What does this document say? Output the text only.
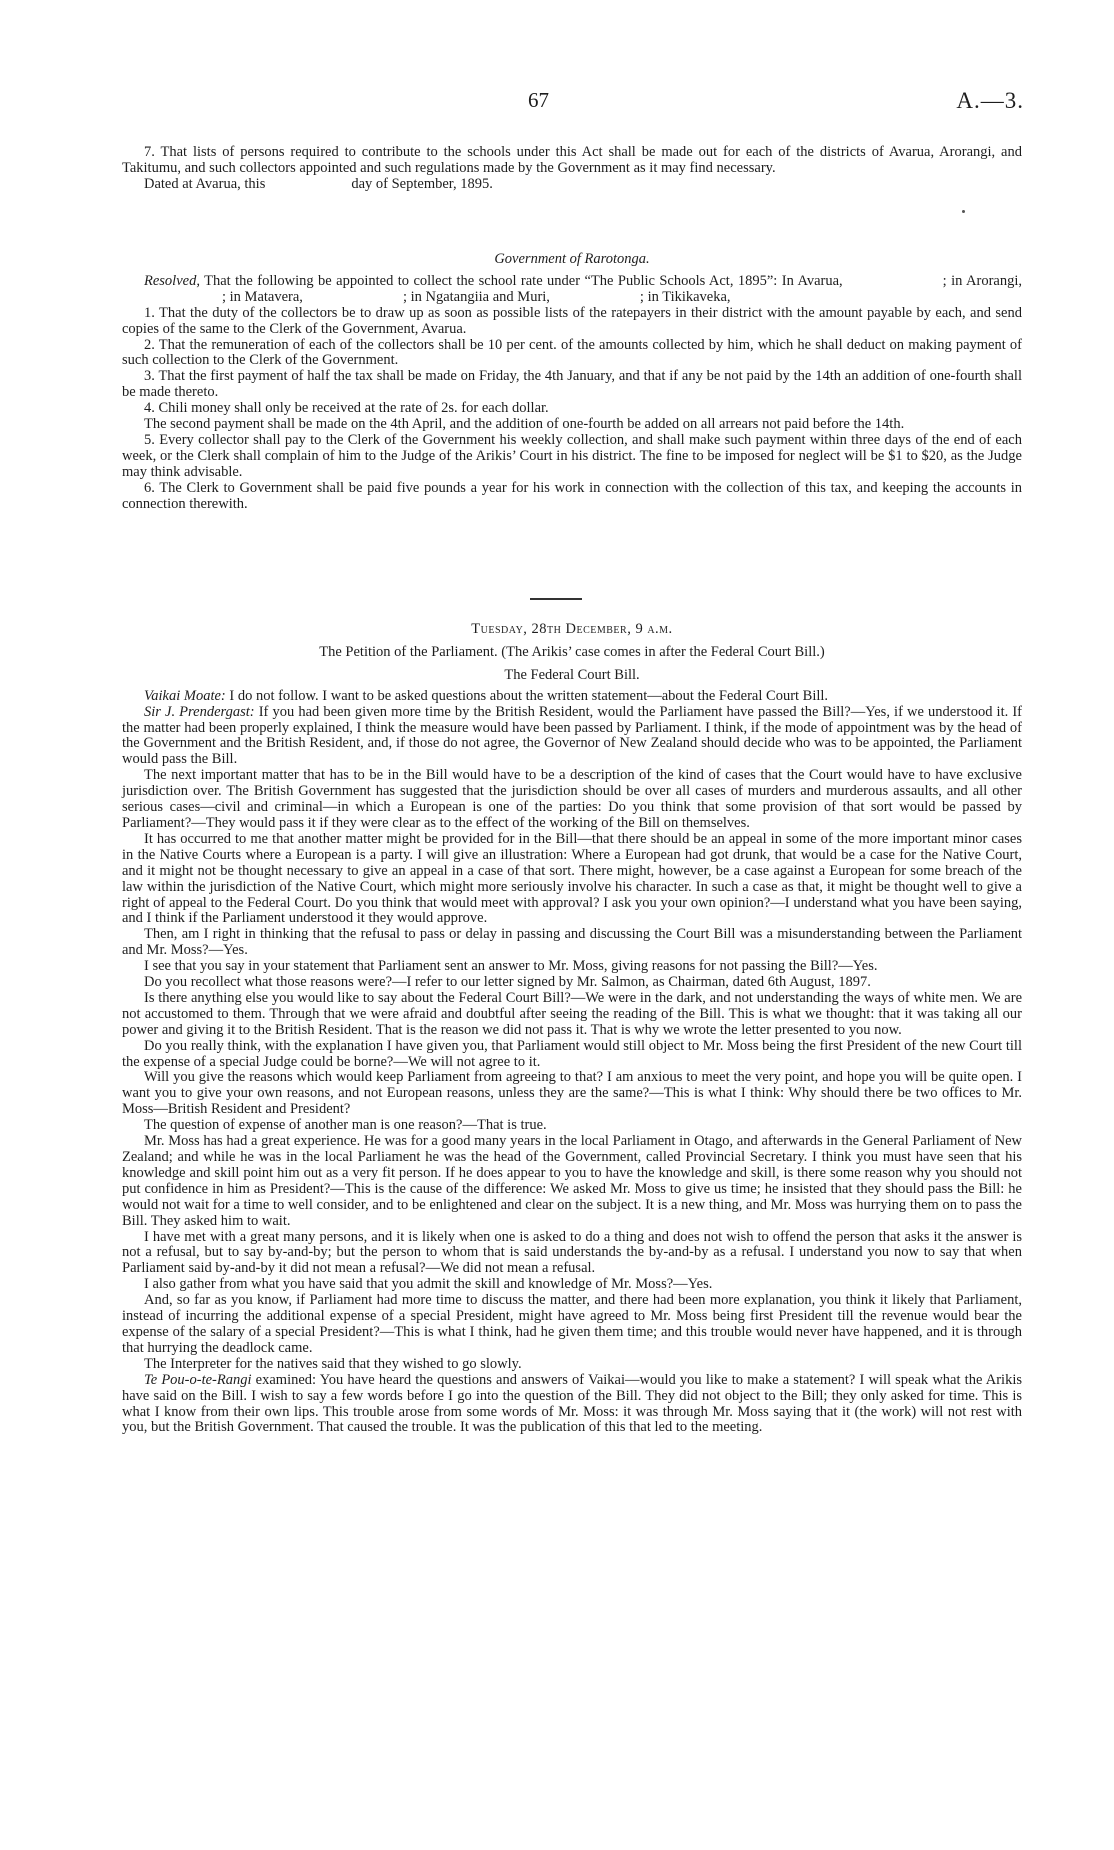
67	A.—3.

7. That lists of persons required to contribute to the schools under this Act shall be made out for each of the districts of Avarua, Arorangi, and Takitumu, and such collectors appointed and such regulations made by the Government as it may find necessary.

Dated at Avarua, this	day of September, 1895.

Government of Rarotonga.

Resolved, That the following be appointed to collect the school rate under “The Public Schools Act, 1895”: In Avarua,	; in Arorangi,; in Matavera,	; in Ngatangiia and Muri,	; in Tikikaveka,

1. That the duty of the collectors be to draw up as soon as possible lists of the ratepayers in their district with the amount payable by each, and send copies of the same to the Clerk of the Government, Avarua.

2. That the remuneration of each of the collectors shall be 10 per cent. of the amounts collected by him, which he shall deduct on making payment of such collection to the Clerk of the Government.

3. That the first payment of half the tax shall be made on Friday, the 4th January, and that if any be not paid by the 14th an addition of one-fourth shall be made thereto.

4. Chili money shall only be received at the rate of 2s. for each dollar.

The second payment shall be made on the 4th April, and the addition of one-fourth be added on all arrears not paid before the 14th.

5. Every collector shall pay to the Clerk of the Government his weekly collection, and shall make such payment within three days of the end of each week, or the Clerk shall complain of him to the Judge of the Arikis’ Court in his district. The fine to be imposed for neglect will be $1 to $20, as the Judge may think advisable.

6. The Clerk to Government shall be paid five pounds a year for his work in connection with the collection of this tax, and keeping the accounts in connection therewith.

Tuesday, 28th December, 9 a.m.

The Petition of the Parliament. (The Arikis’ case comes in after the Federal Court Bill.)

The Federal Court Bill.

Vaikai Moate: I do not follow. I want to be asked questions about the written statement—about the Federal Court Bill.

Sir J. Prendergast: If you had been given more time by the British Resident, would the Parliament have passed the Bill?—Yes, if we understood it. If the matter had been properly explained, I think the measure would have been passed by Parliament. I think, if the mode of appointment was by the head of the Government and the British Resident, and, if those do not agree, the Governor of New Zealand should decide who was to be appointed, the Parliament would pass the Bill.

The next important matter that has to be in the Bill would have to be a description of the kind of cases that the Court would have to have exclusive jurisdiction over. The British Government has suggested that the jurisdiction should be over all cases of murders and murderous assaults, and all other serious cases—civil and criminal—in which a European is one of the parties: Do you think that some provision of that sort would be passed by Parliament?—They would pass it if they were clear as to the effect of the working of the Bill on themselves.

It has occurred to me that another matter might be provided for in the Bill—that there should be an appeal in some of the more important minor cases in the Native Courts where a European is a party. I will give an illustration: Where a European had got drunk, that would be a case for the Native Court, and it might not be thought necessary to give an appeal in a case of that sort. There might, however, be a case against a European for some breach of the law within the jurisdiction of the Native Court, which might more seriously involve his character. In such a case as that, it might be thought well to give a right of appeal to the Federal Court. Do you think that would meet with approval? I ask you your own opinion?—I understand what you have been saying, and I think if the Parliament understood it they would approve.

Then, am I right in thinking that the refusal to pass or delay in passing and discussing the Court Bill was a misunderstanding between the Parliament and Mr. Moss?—Yes.

I see that you say in your statement that Parliament sent an answer to Mr. Moss, giving reasons for not passing the Bill?—Yes.

Do you recollect what those reasons were?—I refer to our letter signed by Mr. Salmon, as Chairman, dated 6th August, 1897.

Is there anything else you would like to say about the Federal Court Bill?—We were in the dark, and not understanding the ways of white men. We are not accustomed to them. Through that we were afraid and doubtful after seeing the reading of the Bill. This is what we thought: that it was taking all our power and giving it to the British Resident. That is the reason we did not pass it. That is why we wrote the letter presented to you now.

Do you really think, with the explanation I have given you, that Parliament would still object to Mr. Moss being the first President of the new Court till the expense of a special Judge could be borne?—We will not agree to it.

Will you give the reasons which would keep Parliament from agreeing to that? I am anxious to meet the very point, and hope you will be quite open. I want you to give your own reasons, and not European reasons, unless they are the same?—This is what I think: Why should there be two offices to Mr. Moss—British Resident and President?

The question of expense of another man is one reason?—That is true.

Mr. Moss has had a great experience. He was for a good many years in the local Parliament in Otago, and afterwards in the General Parliament of New Zealand; and while he was in the local Parliament he was the head of the Government, called Provincial Secretary. I think you must have seen that his knowledge and skill point him out as a very fit person. If he does appear to you to have the knowledge and skill, is there some reason why you should not put confidence in him as President?—This is the cause of the difference: We asked Mr. Moss to give us time; he insisted that they should pass the Bill: he would not wait for a time to well consider, and to be enlightened and clear on the subject. It is a new thing, and Mr. Moss was hurrying them on to pass the Bill. They asked him to wait.

I have met with a great many persons, and it is likely when one is asked to do a thing and does not wish to offend the person that asks it the answer is not a refusal, but to say by-and-by; but the person to whom that is said understands the by-and-by as a refusal. I understand you now to say that when Parliament said by-and-by it did not mean a refusal?—We did not mean a refusal.

I also gather from what you have said that you admit the skill and knowledge of Mr. Moss?—Yes.

And, so far as you know, if Parliament had more time to discuss the matter, and there had been more explanation, you think it likely that Parliament, instead of incurring the additional expense of a special President, might have agreed to Mr. Moss being first President till the revenue would bear the expense of the salary of a special President?—This is what I think, had he given them time; and this trouble would never have happened, and it is through that hurrying the deadlock came.

The Interpreter for the natives said that they wished to go slowly.

Te Pou-o-te-Rangi examined: You have heard the questions and answers of Vaikai—would you like to make a statement? I will speak what the Arikis have said on the Bill. I wish to say a few words before I go into the question of the Bill. They did not object to the Bill; they only asked for time. This is what I know from their own lips. This trouble arose from some words of Mr. Moss: it was through Mr. Moss saying that it (the work) will not rest with you, but the British Government. That caused the trouble. It was the publication of this that led to the meeting.
